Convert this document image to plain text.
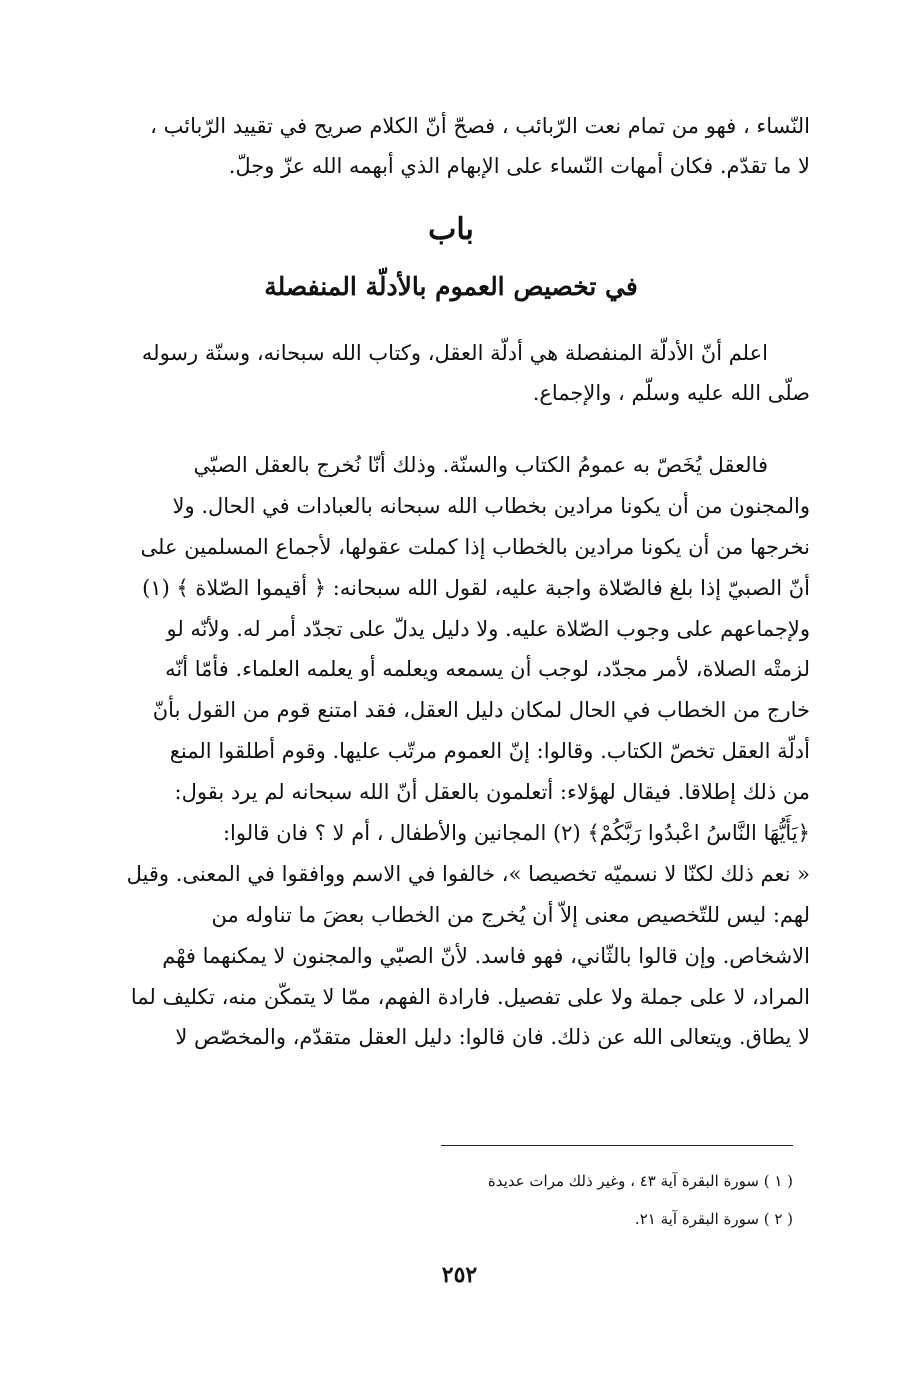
النّساء ، فهو من تمام نعت الرّبائب ، فصحّ أنّ الكلام صريح في تقييد الرّبائب ،
لا ما تقدّم. فكان أمهات النّساء على الإبهام الذي أبهمه الله عزّ وجلّ.
باب
في تخصيص العموم بالأدلّة المنفصلة
اعلم أنّ الأدلّة المنفصلة هي أدلّة العقل، وكتاب الله سبحانه، وسنّة رسوله
صلّى الله عليه وسلّم ، والإجماع.
فالعقل يُخَصّ به عمومُ الكتاب والسنّة. وذلك أنّا نُخرج بالعقل الصبّي
والمجنون من أن يكونا مرادين بخطاب الله سبحانه بالعبادات في الحال. ولا
نخرجها من أن يكونا مرادين بالخطاب إذا كملت عقولها، لأجماع المسلمين على
أنّ الصبيّ إذا بلغ فالصّلاة واجبة عليه، لقول الله سبحانه: ﴿ أقيموا الصّلاة ﴾ (١)
ولإجماعهم على وجوب الصّلاة عليه. ولا دليل يدلّ على تجدّد أمر له. ولأنّه لو
لزمتْه الصلاة، لأمر مجدّد، لوجب أن يسمعه ويعلمه أو يعلمه العلماء. فأمّا أنّه
خارج من الخطاب في الحال لمكان دليل العقل، فقد امتنع قوم من القول بأنّ
أدلّة العقل تخصّ الكتاب. وقالوا: إنّ العموم مرتّب عليها. وقوم أطلقوا المنع
من ذلك إطلاقا. فيقال لهؤلاء: أتعلمون بالعقل أنّ الله سبحانه لم يرد بقول:
﴿يَأَيُّهَا النَّاسُ اعْبدُوا رَبَّكُمْ﴾ (٢) المجانين والأطفال ، أم لا ؟ فان قالوا:
« نعم ذلك لكنّا لا نسميّه تخصيصا »، خالفوا في الاسم ووافقوا في المعنى. وقيل
لهم: ليس للتّخصيص معنى إلاّ أن يُخرج من الخطاب بعضَ ما تناوله من
الاشخاص. وإن قالوا بالثّاني، فهو فاسد. لأنّ الصبّي والمجنون لا يمكنهما فهْم
المراد، لا على جملة ولا على تفصيل. فارادة الفهم، ممّا لا يتمكّن منه، تكليف لما
لا يطاق. ويتعالى الله عن ذلك. فان قالوا: دليل العقل متقدّم، والمخصّص لا
( ١ ) سورة البقرة آية ٤٣ ، وغير ذلك مرات عديدة
( ٢ ) سورة البقرة آية ٢١.
٢٥٢
